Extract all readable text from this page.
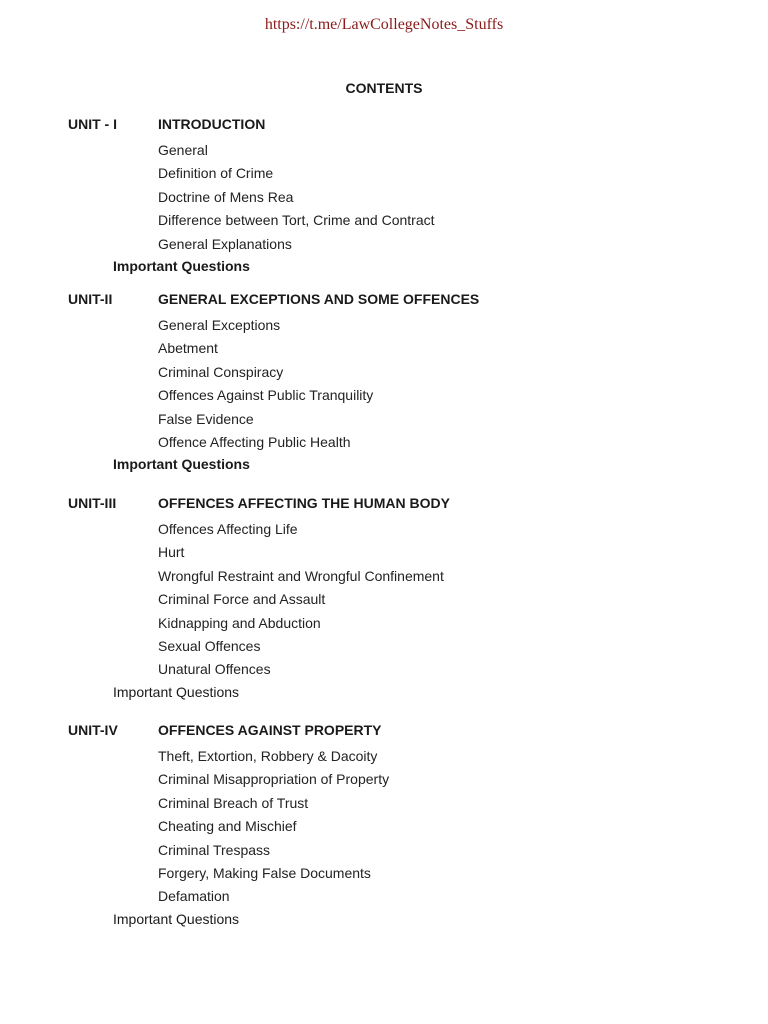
https://t.me/LawCollegeNotes_Stuffs
CONTENTS
UNIT - I	INTRODUCTION
General
Definition of Crime
Doctrine of Mens Rea
Difference between Tort, Crime and Contract
General Explanations
Important Questions
UNIT-II	GENERAL EXCEPTIONS AND SOME OFFENCES
General Exceptions
Abetment
Criminal Conspiracy
Offences Against Public Tranquility
False Evidence
Offence Affecting Public Health
Important Questions
UNIT-III	OFFENCES AFFECTING THE HUMAN BODY
Offences Affecting Life
Hurt
Wrongful Restraint and Wrongful Confinement
Criminal Force and Assault
Kidnapping and Abduction
Sexual Offences
Unatural Offences
Important Questions
UNIT-IV	OFFENCES AGAINST PROPERTY
Theft, Extortion, Robbery & Dacoity
Criminal Misappropriation of Property
Criminal Breach of Trust
Cheating and Mischief
Criminal Trespass
Forgery, Making False Documents
Defamation
Important Questions
